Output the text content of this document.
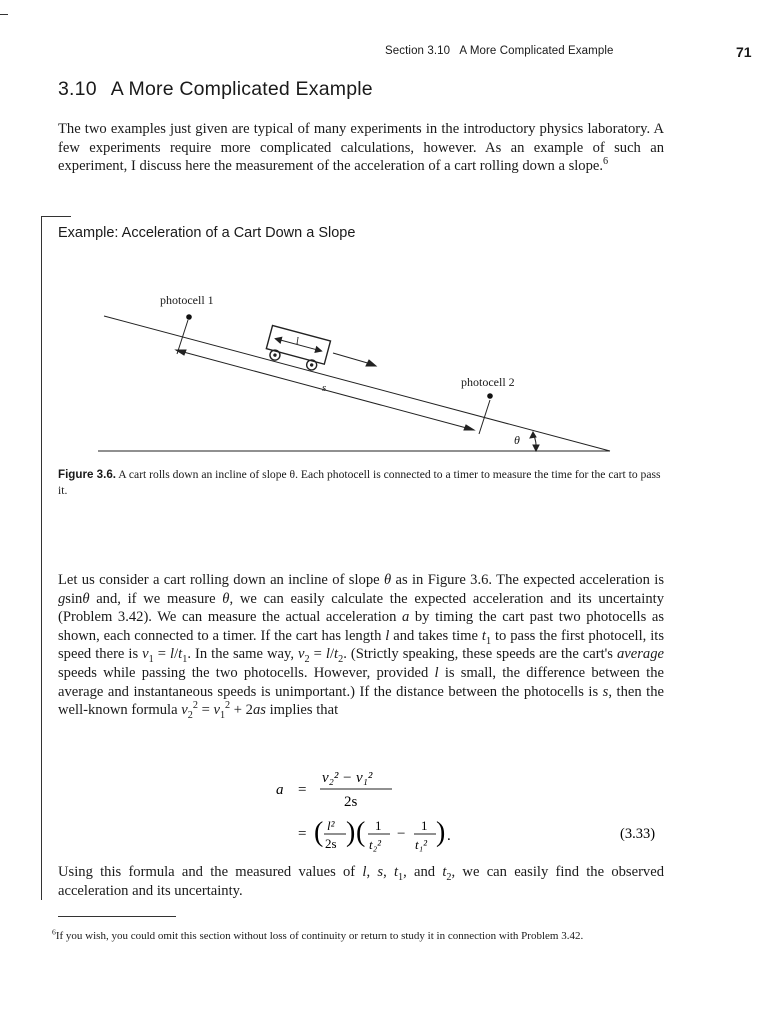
Section 3.10   A More Complicated Example	71
3.10 A More Complicated Example
The two examples just given are typical of many experiments in the introductory physics laboratory. A few experiments require more complicated calculations, however. As an example of such an experiment, I discuss here the measurement of the acceleration of a cart rolling down a slope.$^6$
Example: Acceleration of a Cart Down a Slope
photocell 1
photocell 2
s
l
θ
Figure 3.6. A cart rolls down an incline of slope θ. Each photocell is connected to a timer to measure the time for the cart to pass it.
Let us consider a cart rolling down an incline of slope θ as in Figure 3.6. The expected acceleration is gsinθ and, if we measure θ, we can easily calculate the expected acceleration and its uncertainty (Problem 3.42). We can measure the actual acceleration a by timing the cart past two photocells as shown, each connected to a timer. If the cart has length l and takes time $t_1$ to pass the first photocell, its speed there is $v_1 = l/t_1$. In the same way, $v_2 = l/t_2$. (Strictly speaking, these speeds are the cart's average speeds while passing the two photocells. However, provided l is small, the difference between the average and instantaneous speeds is unimportant.) If the distance between the photocells is s, then the well-known formula $v_2^2 = v_1^2 + 2as$ implies that
a =
v₂² − v₁²
2s
= ( l²
2s ) ( 1
t₂²
−
1
t₁² ) .	(3.33)
Using this formula and the measured values of l, s, $t_1$, and $t_2$, we can easily find the observed acceleration and its uncertainty.
$^6$If you wish, you could omit this section without loss of continuity or return to study it in connection with Problem 3.42.
